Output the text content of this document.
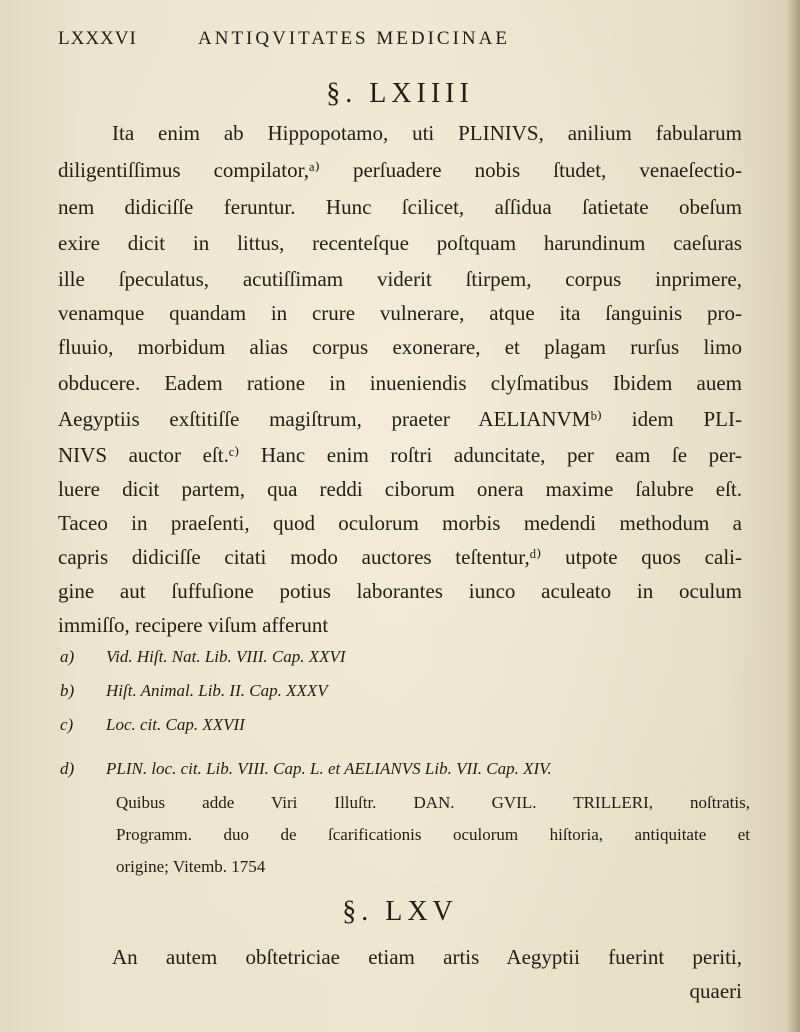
LXXXVI	ANTIQVITATES MEDICINAE
§. LXIIII
Ita enim ab Hippopotamo, uti PLINIVS, anilium fabularum
diligentiſſimus compilator,ᵃ⁾ perſuadere nobis ſtudet, venaeſectio-
nem didiciſſe feruntur. Hunc ſcilicet, aſſidua ſatietate obeſum
exire dicit in littus, recenteſque poſtquam harundinum caeſuras
ille ſpeculatus, acutiſſimam viderit ſtirpem, corpus inprimere,
venamque quandam in crure vulnerare, atque ita ſanguinis pro-
fluuio, morbidum alias corpus exonerare, et plagam rurſus limo
obducere. Eadem ratione in inueniendis clyſmatibus Ibidem auem
Aegyptiis exſtitiſſe magiſtrum, praeter AELIANVMᵇ⁾ idem PLI-
NIVS auctor eſt.ᶜ⁾ Hanc enim roſtri aduncitate, per eam ſe per-
luere dicit partem, qua reddi ciborum onera maxime ſalubre eſt.
Taceo in praeſenti, quod oculorum morbis medendi methodum a
capris didiciſſe citati modo auctores teſtentur,ᵈ⁾ utpote quos cali-
gine aut ſuffuſione potius laborantes iunco aculeato in oculum
immiſſo, recipere viſum afferunt
a) Vid. Hiſt. Nat. Lib. VIII. Cap. XXVI
b) Hiſt. Animal. Lib. II. Cap. XXXV
c) Loc. cit. Cap. XXVII
d) PLIN. loc. cit. Lib. VIII. Cap. L. et AELIANVS Lib. VII. Cap. XIV.
Quibus adde Viri Illuſtr. DAN. GVIL. TRILLERI, noſtratis,
Programm. duo de ſcarificationis oculorum hiſtoria, antiquitate et
origine; Vitemb. 1754
§. LXV
An autem obſtetriciae etiam artis Aegyptii fuerint periti,
quaeri
